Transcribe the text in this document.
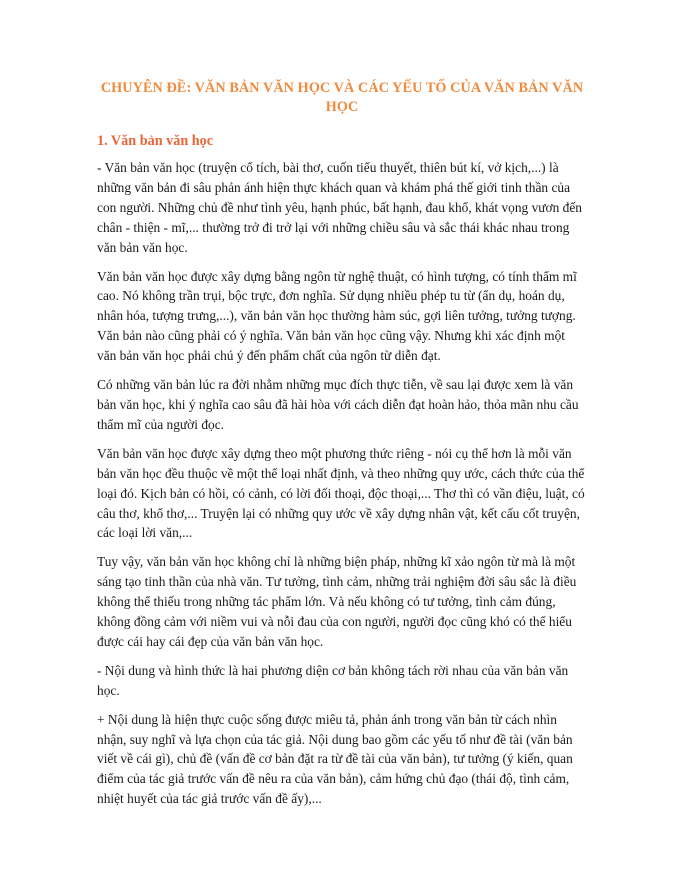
CHUYÊN ĐỀ: VĂN BẢN VĂN HỌC VÀ CÁC YẾU TỐ CỦA VĂN BẢN VĂN HỌC
1. Văn bản văn học

- Văn bản văn học (truyện cổ tích, bài thơ, cuốn tiểu thuyết, thiên bút kí, vở kịch,...) là những văn bản đi sâu phản ánh hiện thực khách quan và khám phá thế giới tinh thần của con người. Những chủ đề như tình yêu, hạnh phúc, bất hạnh, đau khổ, khát vọng vươn đến chân - thiện - mĩ,... thường trở đi trở lại với những chiều sâu và sắc thái khác nhau trong văn bản văn học.

Văn bản văn học được xây dựng bằng ngôn từ nghệ thuật, có hình tượng, có tính thẩm mĩ cao. Nó không trần trụi, bộc trực, đơn nghĩa. Sử dụng nhiều phép tu từ (ẩn dụ, hoán dụ, nhân hóa, tượng trưng,...), văn bản văn học thường hàm súc, gợi liên tưởng, tưởng tượng. Văn bản nào cũng phải có ý nghĩa. Văn bản văn học cũng vậy. Nhưng khi xác định một văn bản văn học phải chú ý đến phẩm chất của ngôn từ diễn đạt.

Có những văn bản lúc ra đời nhằm những mục đích thực tiễn, về sau lại được xem là văn bản văn học, khi ý nghĩa cao sâu đã hài hòa với cách diễn đạt hoàn hảo, thỏa mãn nhu cầu thẩm mĩ của người đọc.

Văn bản văn học được xây dựng theo một phương thức riêng - nói cụ thể hơn là mỗi văn bản văn học đều thuộc về một thể loại nhất định, và theo những quy ước, cách thức của thể loại đó. Kịch bản có hồi, có cảnh, có lời đối thoại, độc thoại,... Thơ thì có vần điệu, luật, có câu thơ, khổ thơ,... Truyện lại có những quy ước về xây dựng nhân vật, kết cấu cốt truyện, các loại lời văn,...

Tuy vậy, văn bản văn học không chỉ là những biện pháp, những kĩ xảo ngôn từ mà là một sáng tạo tinh thần của nhà văn. Tư tưởng, tình cảm, những trải nghiệm đời sâu sắc là điều không thể thiếu trong những tác phẩm lớn. Và nếu không có tư tưởng, tình cảm đúng, không đồng cảm với niềm vui và nỗi đau của con người, người đọc cũng khó có thể hiểu được cái hay cái đẹp của văn bản văn học.

- Nội dung và hình thức là hai phương diện cơ bản không tách rời nhau của văn bản văn học.

+ Nội dung là hiện thực cuộc sống được miêu tả, phản ánh trong văn bản từ cách nhìn nhận, suy nghĩ và lựa chọn của tác giả. Nội dung bao gồm các yếu tố như đề tài (văn bản viết về cái gì), chủ đề (vấn đề cơ bản đặt ra từ đề tài của văn bản), tư tưởng (ý kiến, quan điểm của tác giả trước vấn đề nêu ra của văn bản), cảm hứng chủ đạo (thái độ, tình cảm, nhiệt huyết của tác giả trước vấn đề ấy),...
